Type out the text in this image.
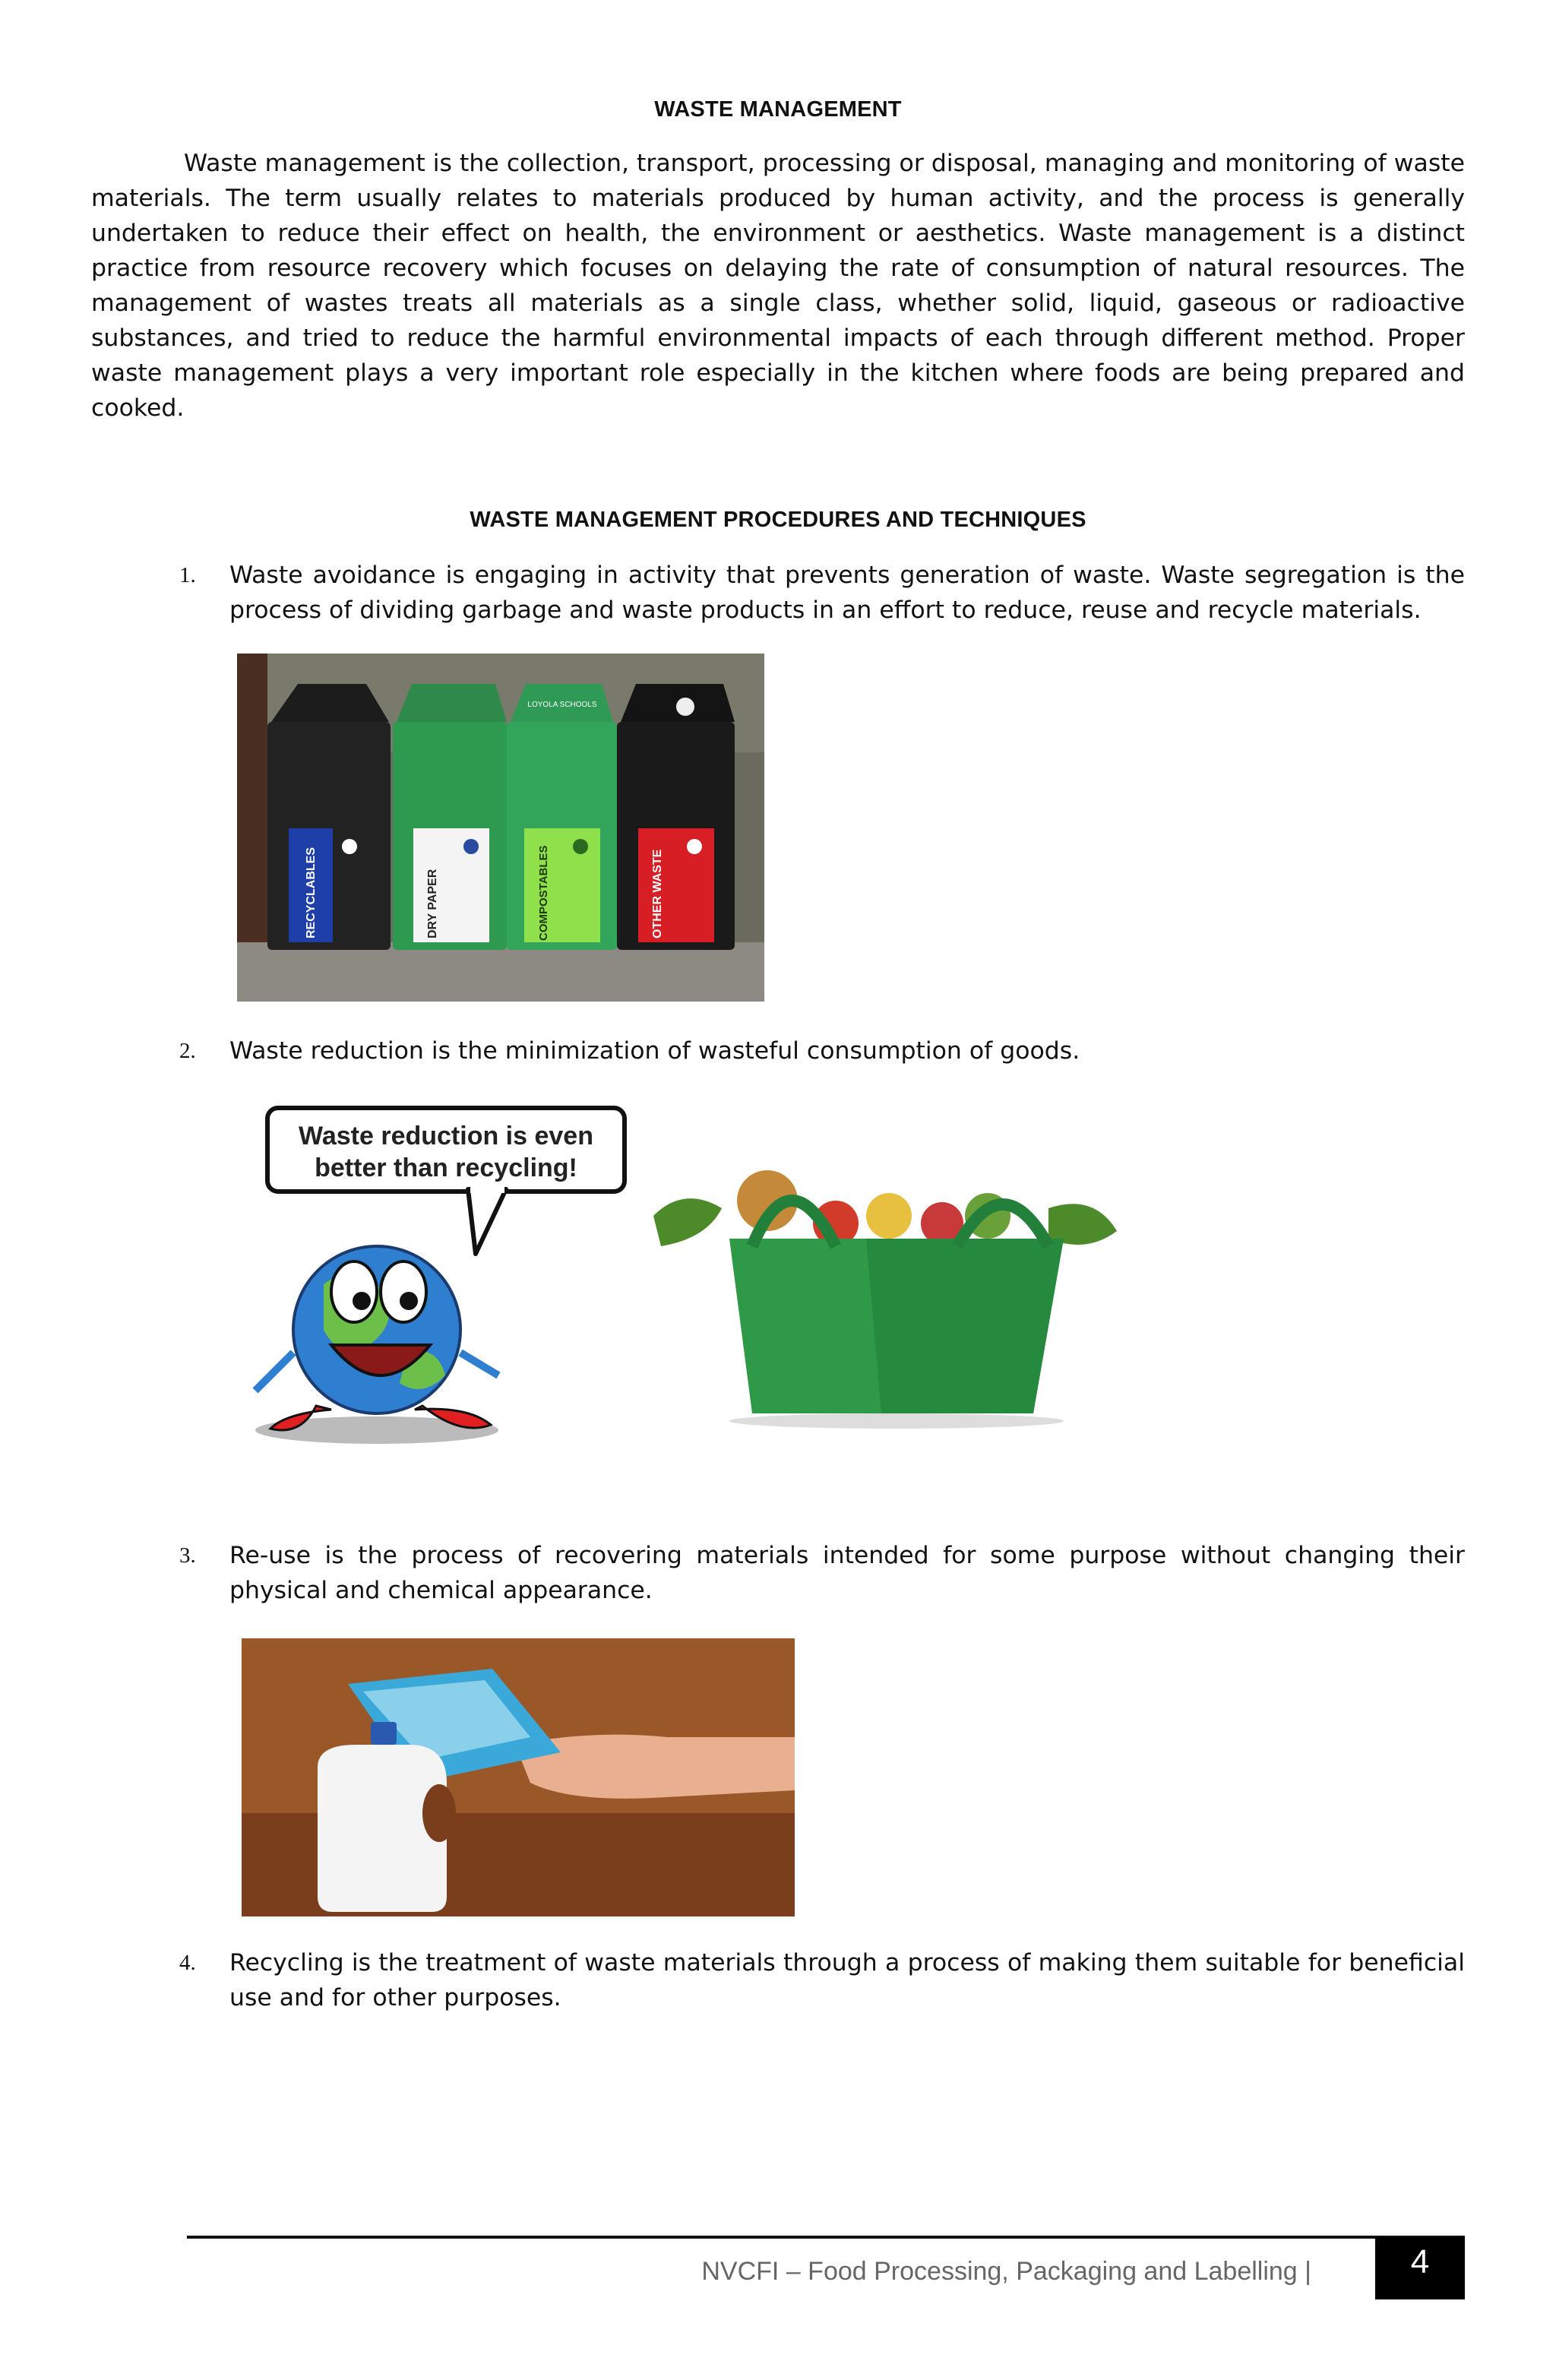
WASTE MANAGEMENT

Waste management is the collection, transport, processing or disposal, managing and monitoring of waste materials. The term usually relates to materials produced by human activity, and the process is generally undertaken to reduce their effect on health, the environment or aesthetics. Waste management is a distinct practice from resource recovery which focuses on delaying the rate of consumption of natural resources. The management of wastes treats all materials as a single class, whether solid, liquid, gaseous or radioactive substances, and tried to reduce the harmful environmental impacts of each through different method. Proper waste management plays a very important role especially in the kitchen where foods are being prepared and cooked.

WASTE MANAGEMENT PROCEDURES AND TECHNIQUES
1. Waste avoidance is engaging in activity that prevents generation of waste. Waste segregation is the process of dividing garbage and waste products in an effort to reduce, reuse and recycle materials.
RECYCLABLES	DRY PAPER
LOYOLA SCHOOLS
COMPOSTABLES	OTHER WASTE
2. Waste reduction is the minimization of wasteful consumption of goods.
Waste reduction is even
better than recycling!
3. Re-use is the process of recovering materials intended for some purpose without changing their physical and chemical appearance.
4. Recycling is the treatment of waste materials through a process of making them suitable for beneficial use and for other purposes.
NVCFI – Food Processing, Packaging and Labelling |	4
